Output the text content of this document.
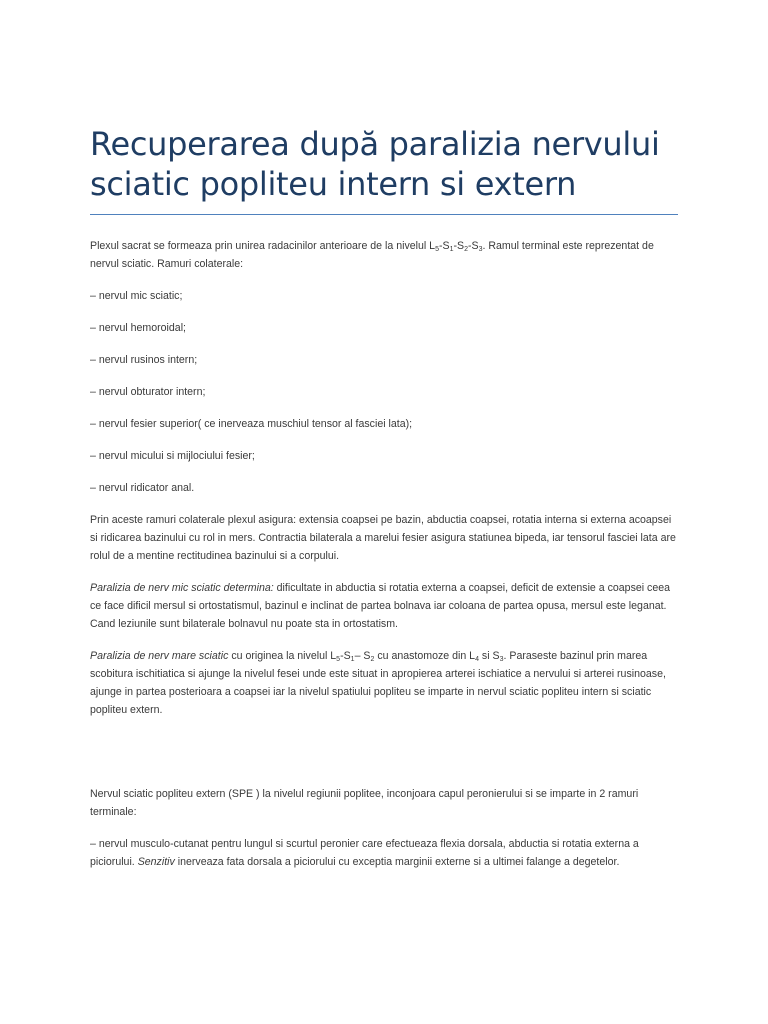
Recuperarea după paralizia nervului sciatic popliteu intern si extern

Plexul sacrat se formeaza prin unirea radacinilor anterioare de la nivelul $L_5-S_1-S_2-S_3$. Ramul terminal este reprezentat de nervul sciatic. Ramuri colaterale:

– nervul mic sciatic;

– nervul hemoroidal;

– nervul rusinos intern;

– nervul obturator intern;

– nervul fesier superior( ce inerveaza muschiul tensor al fasciei lata);

– nervul micului si mijlociului fesier;

– nervul ridicator anal.

Prin aceste ramuri colaterale plexul asigura: extensia coapsei pe bazin, abductia coapsei, rotatia interna si externa acoapsei si ridicarea bazinului cu rol in mers. Contractia bilaterala a marelui fesier asigura statiunea bipeda, iar tensorul fasciei lata are rolul de a mentine rectitudinea bazinului si a corpului.

Paralizia de nerv mic sciatic determina: dificultate in abductia si rotatia externa a coapsei, deficit de extensie a coapsei ceea ce face dificil mersul si ortostatismul, bazinul e inclinat de partea bolnava iar coloana de partea opusa, mersul este leganat. Cand leziunile sunt bilaterale bolnavul nu poate sta in ortostatism.

Paralizia de nerv mare sciatic cu originea la nivelul $L_5-S_1-$ $S_2$ cu anastomoze din $L_4$ si $S_3$. Paraseste bazinul prin marea scobitura ischitiatica si ajunge la nivelul fesei unde este situat in apropierea arterei ischiatice a nervului si arterei rusinoase, ajunge in partea posterioara a coapsei iar la nivelul spatiului popliteu se imparte in nervul sciatic popliteu intern si sciatic popliteu extern.

Nervul sciatic popliteu extern (SPE ) la nivelul regiunii poplitee, inconjoara capul peronierului si se imparte in 2 ramuri terminale:

– nervul musculo-cutanat pentru lungul si scurtul peronier care efectueaza flexia dorsala, abductia si rotatia externa a piciorului. Senzitiv inerveaza fata dorsala a piciorului cu exceptia marginii externe si a ultimei falange a degetelor.
